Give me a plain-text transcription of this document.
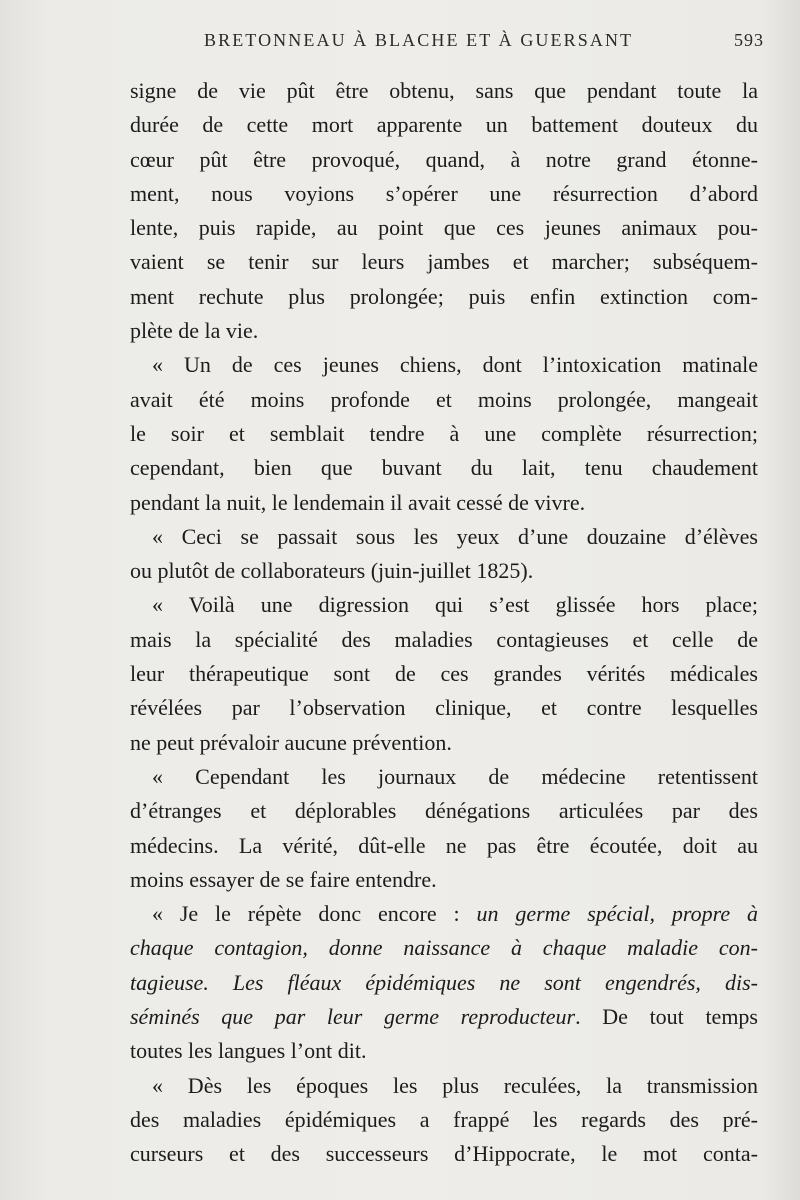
BRETONNEAU À BLACHE ET À GUERSANT	593
signe de vie pût être obtenu, sans que pendant toute la
durée de cette mort apparente un battement douteux du
cœur pût être provoqué, quand, à notre grand étonne-
ment, nous voyions s’opérer une résurrection d’abord
lente, puis rapide, au point que ces jeunes animaux pou-
vaient se tenir sur leurs jambes et marcher; subséquem-
ment rechute plus prolongée; puis enfin extinction com-
plète de la vie.
« Un de ces jeunes chiens, dont l’intoxication matinale
avait été moins profonde et moins prolongée, mangeait
le soir et semblait tendre à une complète résurrection;
cependant, bien que buvant du lait, tenu chaudement
pendant la nuit, le lendemain il avait cessé de vivre.
« Ceci se passait sous les yeux d’une douzaine d’élèves
ou plutôt de collaborateurs (juin-juillet 1825).
« Voilà une digression qui s’est glissée hors place;
mais la spécialité des maladies contagieuses et celle de
leur thérapeutique sont de ces grandes vérités médicales
révélées par l’observation clinique, et contre lesquelles
ne peut prévaloir aucune prévention.
« Cependant les journaux de médecine retentissent
d’étranges et déplorables dénégations articulées par des
médecins. La vérité, dût-elle ne pas être écoutée, doit au
moins essayer de se faire entendre.
« Je le répète donc encore : un germe spécial, propre à
chaque contagion, donne naissance à chaque maladie con-
tagieuse. Les fléaux épidémiques ne sont engendrés, dis-
séminés que par leur germe reproducteur. De tout temps
toutes les langues l’ont dit.
« Dès les époques les plus reculées, la transmission
des maladies épidémiques a frappé les regards des pré-
curseurs et des successeurs d’Hippocrate, le mot conta-
